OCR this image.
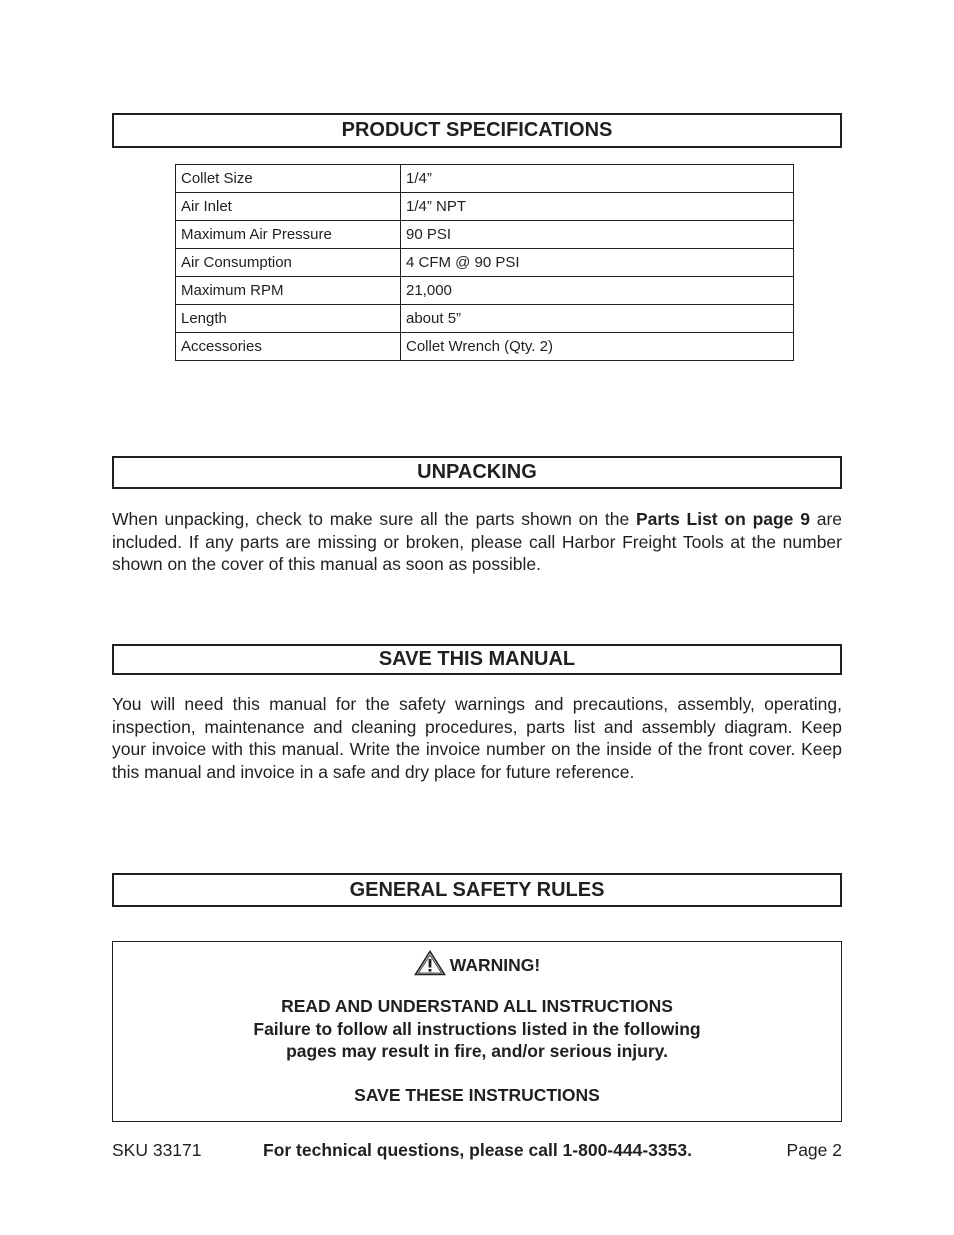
PRODUCT SPECIFICATIONS
Collet Size	1/4”
Air Inlet	1/4” NPT
Maximum Air Pressure	90 PSI
Air Consumption	4 CFM @ 90 PSI
Maximum RPM	21,000
Length	about 5”
Accessories	Collet Wrench (Qty. 2)
UNPACKING

When unpacking, check to make sure all the parts shown on the Parts List on page 9 are included. If any parts are missing or broken, please call Harbor Freight Tools at the number shown on the cover of this manual as soon as possible.

SAVE THIS MANUAL

You will need this manual for the safety warnings and precautions, assembly, operating, inspection, maintenance and cleaning procedures, parts list and assembly diagram. Keep your invoice with this manual. Write the invoice number on the inside of the front cover. Keep this manual and invoice in a safe and dry place for future reference.

GENERAL SAFETY RULES
WARNING!
READ AND UNDERSTAND ALL INSTRUCTIONS
Failure to follow all instructions listed in the following
pages may result in fire, and/or serious injury.
SAVE THESE INSTRUCTIONS
SKU 33171	For technical questions, please call 1-800-444-3353.	Page 2
